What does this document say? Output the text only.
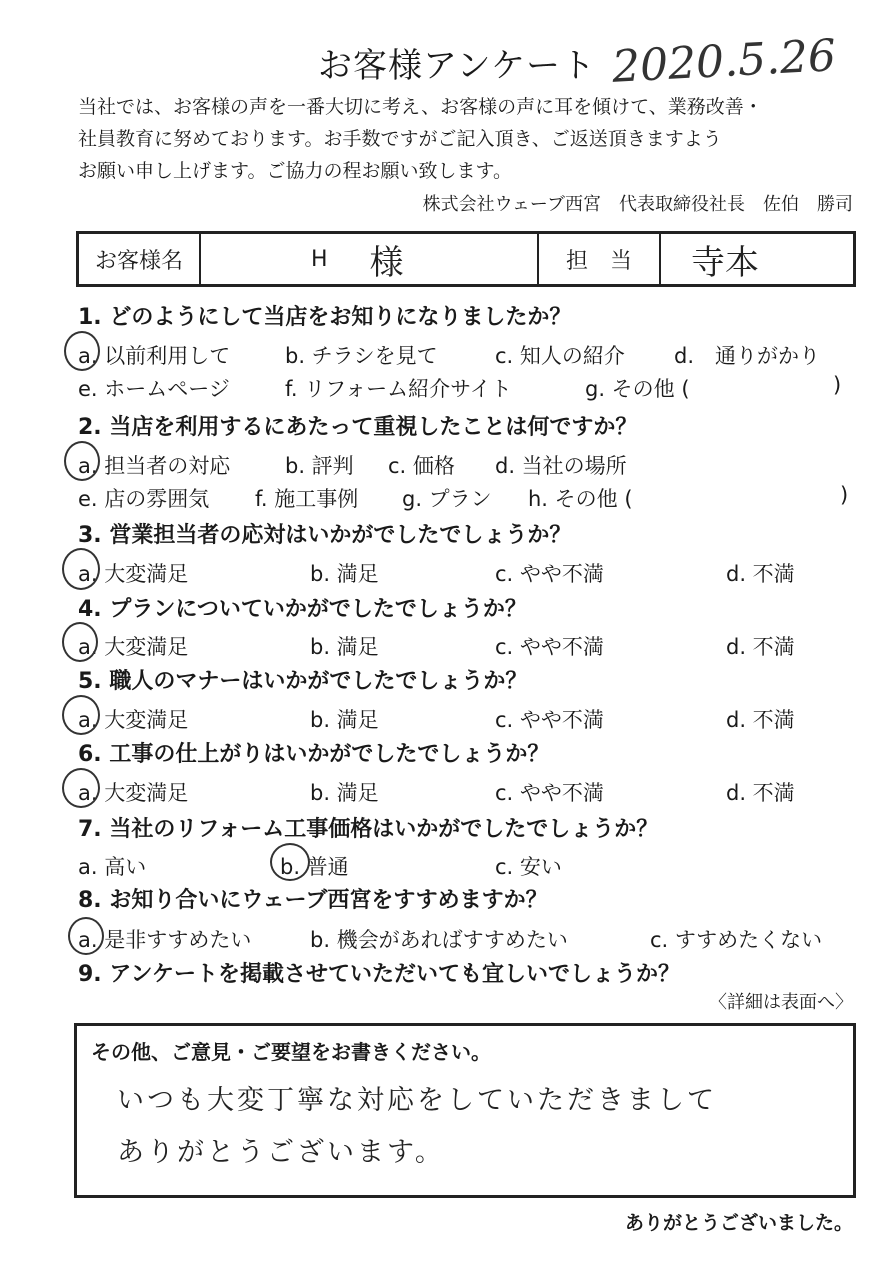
お客様アンケート 2020.5.26
当社では、お客様の声を一番大切に考え、お客様の声に耳を傾けて、業務改善・
社員教育に努めております。お手数ですがご記入頂き、ご返送頂きますよう
お願い申し上げます。ご協力の程お願い致します。
株式会社ウェーブ西宮　代表取締役社長　佐伯　勝司
お客様名	H 様	担　当	寺本
1. どのようにして当店をお知りになりましたか？
a. 以前利用して	b. チラシを見て	c. 知人の紹介 d.　通りがかり
e. ホームページ	f. リフォーム紹介サイト	g. その他 (	)
2. 当店を利用するにあたって重視したことは何ですか？
a. 担当者の対応	b. 評判 c. 価格 d. 当社の場所
e. 店の雰囲気 f. 施工事例 g. プラン h. その他 (	)
3. 営業担当者の応対はいかがでしたでしょうか？
a. 大変満足	b. 満足	c. やや不満	d. 不満
4. プランについていかがでしたでしょうか？
a. 大変満足	b. 満足	c. やや不満	d. 不満
5. 職人のマナーはいかがでしたでしょうか？
a. 大変満足	b. 満足	c. やや不満	d. 不満
6. 工事の仕上がりはいかがでしたでしょうか？
a. 大変満足	b. 満足	c. やや不満	d. 不満
7. 当社のリフォーム工事価格はいかがでしたでしょうか？
a. 高い	b. 普通	c. 安い
8. お知り合いにウェーブ西宮をすすめますか？
a. 是非すすめたい	b. 機会があればすすめたい	c. すすめたくない
9. アンケートを掲載させていただいても宜しいでしょうか？
〈詳細は表面へ〉
その他、ご意見・ご要望をお書きください。
いつも大変丁寧な対応をしていただきまして
ありがとうございます。
ありがとうございました。
